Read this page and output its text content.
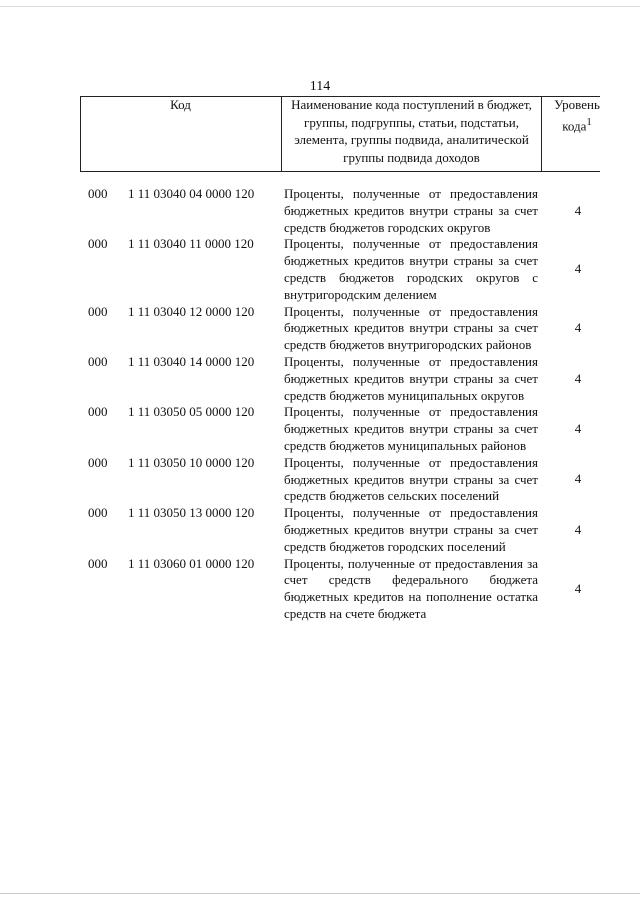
114
Код	Наименование кода поступлений в бюджет, группы, подгруппы, статьи, подстатьи, элемента, группы подвида, аналитической группы подвида доходов
Уровень кода$^1$
000 1 11 03040 04 0000 120 Проценты, полученные от предоставления бюджетных кредитов внутри страны за счет средств бюджетов городских округов
4
000 1 11 03040 11 0000 120 Проценты, полученные от предоставления бюджетных кредитов внутри страны за счет средств бюджетов городских округов с внутригородским делением
4
000 1 11 03040 12 0000 120 Проценты, полученные от предоставления бюджетных кредитов внутри страны за счет средств бюджетов внутригородских районов
4
000 1 11 03040 14 0000 120 Проценты, полученные от предоставления бюджетных кредитов внутри страны за счет средств бюджетов муниципальных округов
4
000 1 11 03050 05 0000 120 Проценты, полученные от предоставления бюджетных кредитов внутри страны за счет средств бюджетов муниципальных районов
4
000 1 11 03050 10 0000 120 Проценты, полученные от предоставления бюджетных кредитов внутри страны за счет средств бюджетов сельских поселений
4
000 1 11 03050 13 0000 120 Проценты, полученные от предоставления бюджетных кредитов внутри страны за счет средств бюджетов городских поселений
4
000 1 11 03060 01 0000 120 Проценты, полученные от предоставления за счет средств федерального бюджета бюджетных кредитов на пополнение остатка средств на счете бюджета
4
